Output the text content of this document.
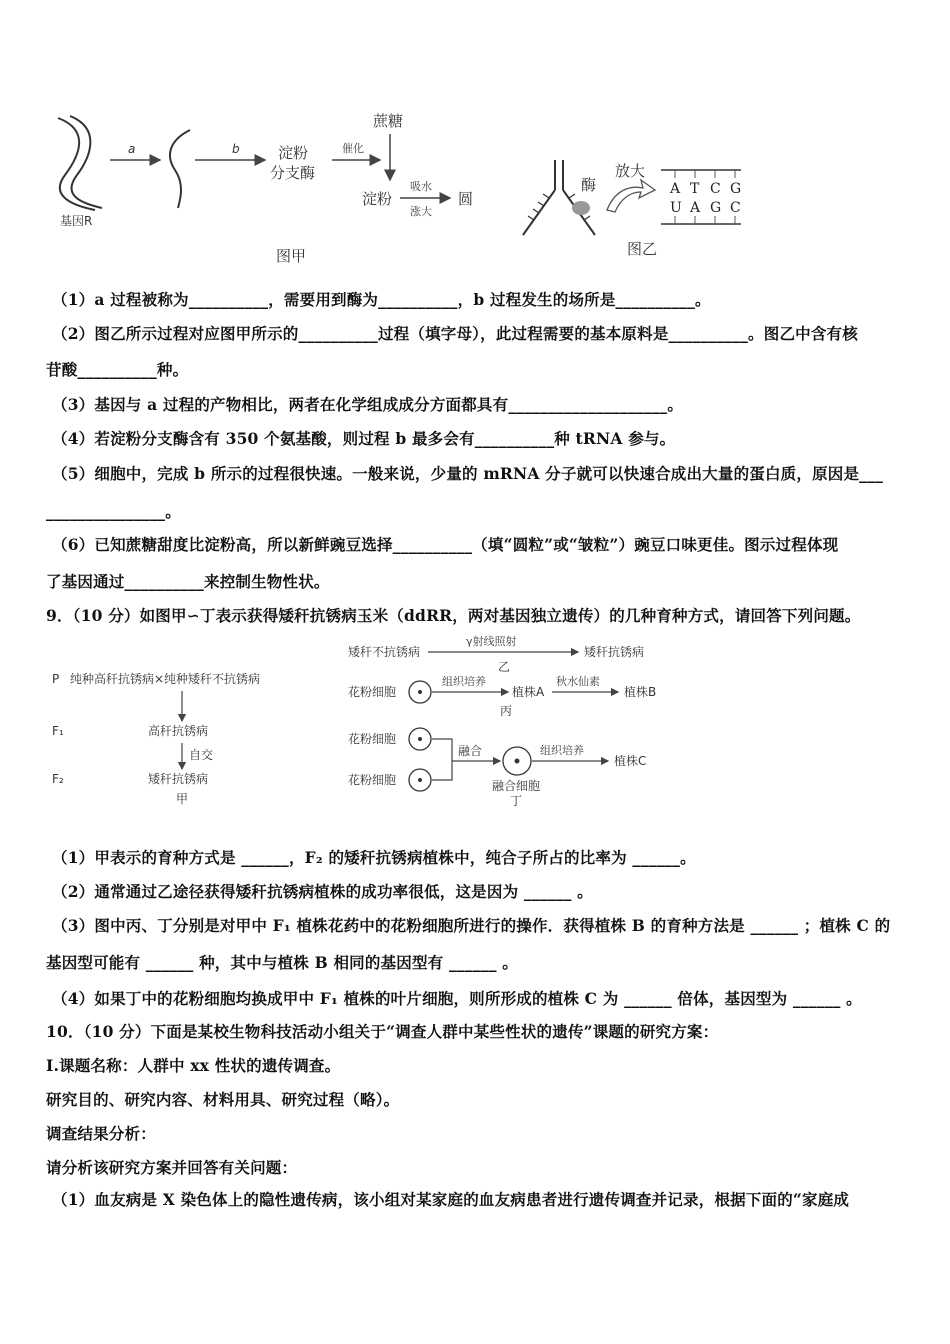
基因R
a	b	淀粉
分支酶
催化
蔗糖
淀粉
吸水
涨大
圆
图甲
酶
放大
A T C G
U A G C
图乙
（1）a 过程被称为__________，需要用到酶为__________，b 过程发生的场所是__________。
（2）图乙所示过程对应图甲所示的__________过程（填字母），此过程需要的基本原料是__________。图乙中含有核
苷酸__________种。
（3）基因与 a 过程的产物相比，两者在化学组成成分方面都具有____________________。
（4）若淀粉分支酶含有 350 个氨基酸，则过程 b 最多会有__________种 tRNA 参与。
（5）细胞中，完成 b 所示的过程很快速。一般来说，少量的 mRNA 分子就可以快速合成出大量的蛋白质，原因是___
_______________。
（6）已知蔗糖甜度比淀粉高，所以新鲜豌豆选择__________（填“圆粒”或“皱粒”）豌豆口味更佳。图示过程体现
了基因通过__________来控制生物性状。
9．（10 分）如图甲∽丁表示获得矮秆抗锈病玉米（ddRR，两对基因独立遗传）的几种育种方式，请回答下列问题。
P 纯种高秆抗锈病×纯种矮秆不抗锈病
F₁	高秆抗锈病
自交
F₂	矮秆抗锈病
甲
矮秆不抗锈病
γ射线照射
矮秆抗锈病
乙
花粉细胞
组织培养
植株A
秋水仙素
植株B
丙
花粉细胞
花粉细胞
融合	组织培养
植株C
融合细胞
丁
（1）甲表示的育种方式是 ______，F₂ 的矮秆抗锈病植株中，纯合子所占的比率为 ______。
（2）通常通过乙途径获得矮秆抗锈病植株的成功率很低，这是因为 ______ 。
（3）图中丙、丁分别是对甲中 F₁ 植株花药中的花粉细胞所进行的操作．获得植株 B 的育种方法是 ______ ；植株 C 的
基因型可能有 ______ 种，其中与植株 B 相同的基因型有 ______ 。
（4）如果丁中的花粉细胞均换成甲中 F₁ 植株的叶片细胞，则所形成的植株 C 为 ______ 倍体，基因型为 ______ 。
10．（10 分）下面是某校生物科技活动小组关于“调查人群中某些性状的遗传”课题的研究方案：
I.课题名称：人群中 xx 性状的遗传调查。
研究目的、研究内容、材料用具、研究过程（略）。
调查结果分析：
请分析该研究方案并回答有关问题：
（1）血友病是 X 染色体上的隐性遗传病，该小组对某家庭的血友病患者进行遗传调查并记录，根据下面的“家庭成
